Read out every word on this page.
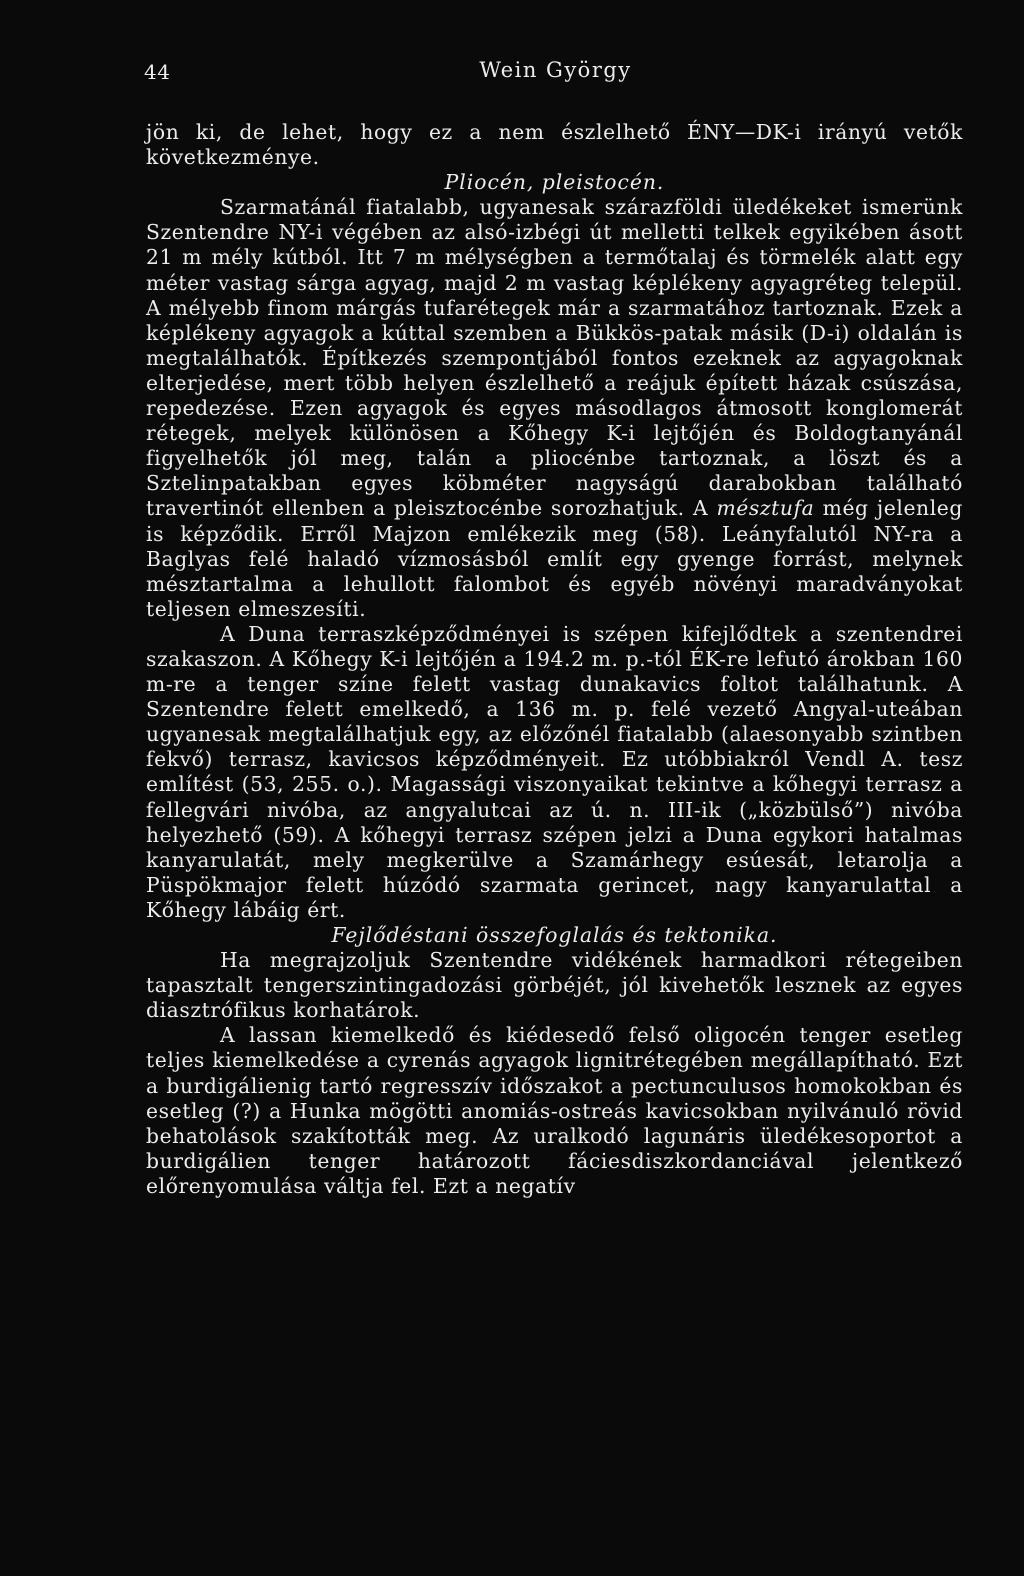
44	Wein György

jön ki, de lehet, hogy ez a nem észlelhető ÉNY—DK-i irányú vetők következménye.

Pliocén, pleistocén.

Szarmatánál fiatalabb, ugyanesak szárazföldi üledékeket ismerünk Szentendre NY-i végében az alsó-izbégi út melletti telkek egyikében ásott 21 m mély kútból. Itt 7 m mélységben a termőtalaj és törmelék alatt egy méter vastag sárga agyag, majd 2 m vastag képlékeny agyagréteg települ. A mélyebb finom márgás tufarétegek már a szarmatához tartoznak. Ezek a képlékeny agyagok a kúttal szemben a Bükkös-patak másik (D-i) oldalán is megtalálhatók. Építkezés szempontjából fontos ezeknek az agyagoknak elterjedése, mert több helyen észlelhető a reájuk épített házak csúszása, repedezése. Ezen agyagok és egyes másodlagos átmosott konglomerát rétegek, melyek különösen a Kőhegy K-i lejtőjén és Boldogtanyánál figyelhetők jól meg, talán a pliocénbe tartoznak, a löszt és a Sztelinpatakban egyes köbméter nagyságú darabokban található travertinót ellenben a pleisztocénbe sorozhatjuk. A mésztufa még jelenleg is képződik. Erről Majzon emlékezik meg (58). Leányfalutól NY-ra a Baglyas felé haladó vízmosásból említ egy gyenge forrást, melynek mésztartalma a lehullott falombot és egyéb növényi maradványokat teljesen elmeszesíti.

A Duna terraszképződményei is szépen kifejlődtek a szentendrei szakaszon. A Kőhegy K-i lejtőjén a 194.2 m. p.-tól ÉK-re lefutó árokban 160 m-re a tenger színe felett vastag dunakavics foltot találhatunk. A Szentendre felett emelkedő, a 136 m. p. felé vezető Angyal-uteában ugyanesak megtalálhatjuk egy, az előzőnél fiatalabb (alaesonyabb szintben fekvő) terrasz, kavicsos képződményeit. Ez utóbbiakról Vendl A. tesz említést (53, 255. o.). Magassági viszonyaikat tekintve a kőhegyi terrasz a fellegvári nivóba, az angyalutcai az ú. n. III-ik („közbülső”) nivóba helyezhető (59). A kőhegyi terrasz szépen jelzi a Duna egykori hatalmas kanyarulatát, mely megkerülve a Szamárhegy esúesát, letarolja a Püspökmajor felett húzódó szarmata gerincet, nagy kanyarulattal a Kőhegy lábáig ért.

Fejlődéstani összefoglalás és tektonika.

Ha megrajzoljuk Szentendre vidékének harmadkori rétegeiben tapasztalt tengerszintingadozási görbéjét, jól kivehetők lesznek az egyes diasztrófikus korhatárok.

A lassan kiemelkedő és kiédesedő felső oligocén tenger esetleg teljes kiemelkedése a cyrenás agyagok lignitrétegében megállapítható. Ezt a burdigálienig tartó regresszív időszakot a pectunculusos homokokban és esetleg (?) a Hunka mögötti anomiás-ostreás kavicsokban nyilvánuló rövid behatolások szakították meg. Az uralkodó lagunáris üledékesoportot a burdigálien tenger határozott fáciesdiszkordanciával jelentkező előrenyomulása váltja fel. Ezt a negatív
